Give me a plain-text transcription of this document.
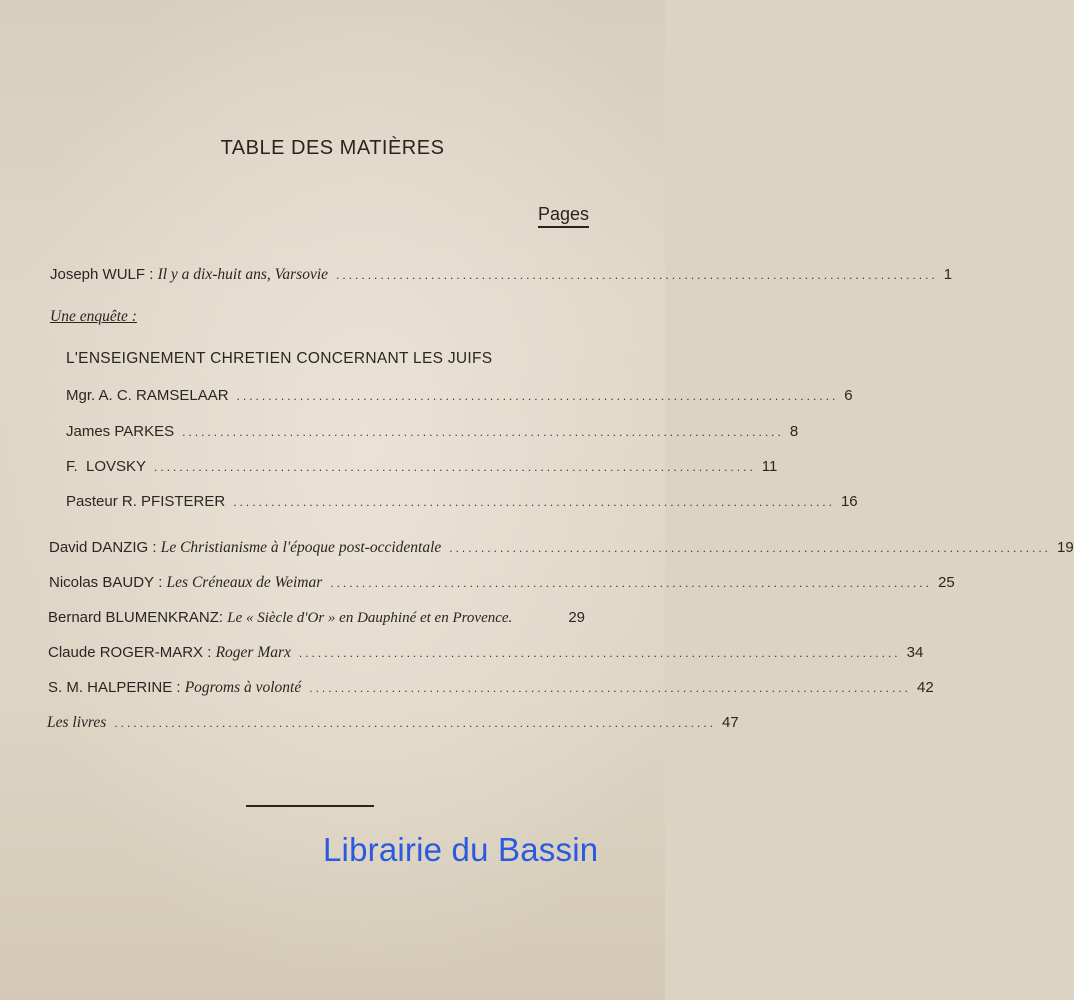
TABLE DES MATIÈRES
Pages
Joseph WULF : Il y a dix-huit ans, Varsovie ............................................................................................... 1
Une enquête :
L'ENSEIGNEMENT CHRETIEN CONCERNANT LES JUIFS
Mgr. A. C. RAMSELAAR ............................................................................................... 6
James PARKES ............................................................................................... 8
F.  LOVSKY ............................................................................................... 11
Pasteur R. PFISTERER ............................................................................................... 16
David DANZIG : Le Christianisme à l'époque post-occidentale ............................................................................................... 19
Nicolas BAUDY : Les Créneaux de Weimar ............................................................................................... 25
Bernard BLUMENKRANZ:
Le « Siècle d'Or » en Dauphiné et en Provence.	29
Claude ROGER-MARX : Roger Marx ............................................................................................... 34
S. M. HALPERINE : Pogroms à volonté ............................................................................................... 42
Les livres ............................................................................................... 47
Librairie du Bassin
